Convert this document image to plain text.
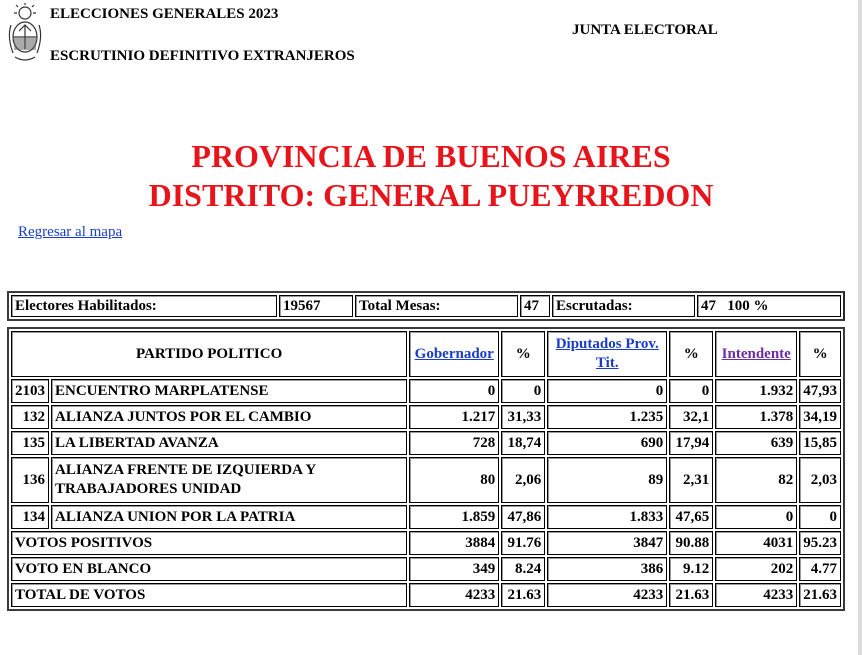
ELECCIONES GENERALES 2023
ESCRUTINIO DEFINITIVO EXTRANJEROS
JUNTA ELECTORAL
PROVINCIA DE BUENOS AIRES
DISTRITO: GENERAL PUEYRREDON
Regresar al mapa
Electores Habilitados:	19567	Total Mesas:	47	Escrutadas:	47   100 %
PARTIDO POLITICO		Gobernador	%	Diputados Prov. Tit.	%	Intendente	%
2103	ENCUENTRO MARPLATENSE	0	0	0	0	1.932	47,93
132	ALIANZA JUNTOS POR EL CAMBIO	1.217	31,33	1.235	32,1	1.378	34,19
135	LA LIBERTAD AVANZA	728	18,74	690	17,94	639	15,85
136	ALIANZA FRENTE DE IZQUIERDA Y TRABAJADORES UNIDAD	80	2,06	89	2,31	82	2,03
134	ALIANZA UNION POR LA PATRIA	1.859	47,86	1.833	47,65	0	0
VOTOS POSITIVOS		3884	91.76	3847	90.88	4031	95.23
VOTO EN BLANCO		349	8.24	386	9.12	202	4.77
TOTAL DE VOTOS		4233	21.63	4233	21.63	4233	21.63
